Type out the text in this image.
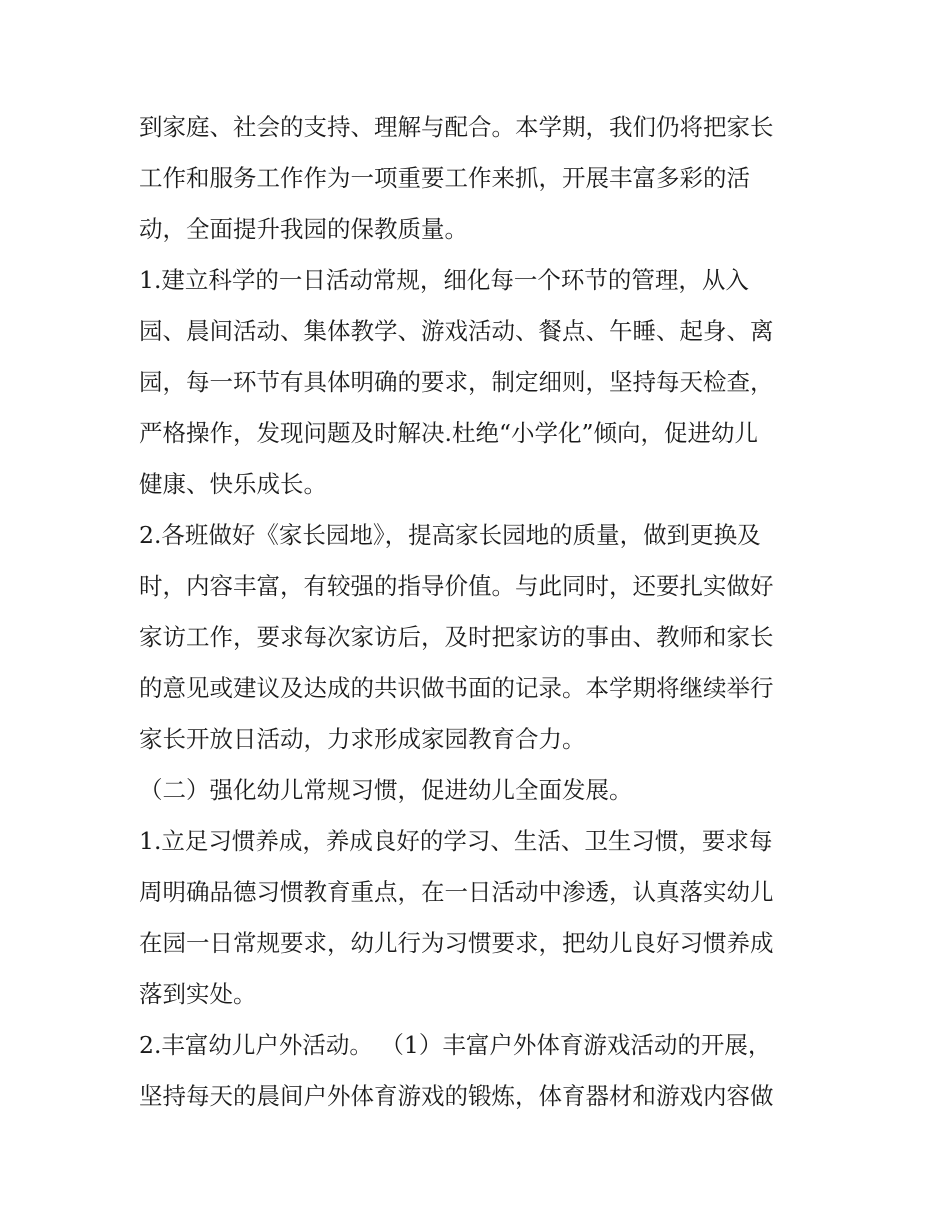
到家庭、社会的支持、理解与配合。本学期，我们仍将把家长
工作和服务工作作为一项重要工作来抓，开展丰富多彩的活
动，全面提升我园的保教质量。
1.建立科学的一日活动常规，细化每一个环节的管理，从入
园、晨间活动、集体教学、游戏活动、餐点、午睡、起身、离
园，每一环节有具体明确的要求，制定细则，坚持每天检查，
严格操作，发现问题及时解决.杜绝“小学化”倾向，促进幼儿
健康、快乐成长。
2.各班做好《家长园地》，提高家长园地的质量，做到更换及
时，内容丰富，有较强的指导价值。与此同时，还要扎实做好
家访工作，要求每次家访后，及时把家访的事由、教师和家长
的意见或建议及达成的共识做书面的记录。本学期将继续举行
家长开放日活动，力求形成家园教育合力。
（二）强化幼儿常规习惯，促进幼儿全面发展。
1.立足习惯养成，养成良好的学习、生活、卫生习惯，要求每
周明确品德习惯教育重点，在一日活动中渗透，认真落实幼儿
在园一日常规要求，幼儿行为习惯要求，把幼儿良好习惯养成
落到实处。
2.丰富幼儿户外活动。 （1）丰富户外体育游戏活动的开展，
坚持每天的晨间户外体育游戏的锻炼，体育器材和游戏内容做
